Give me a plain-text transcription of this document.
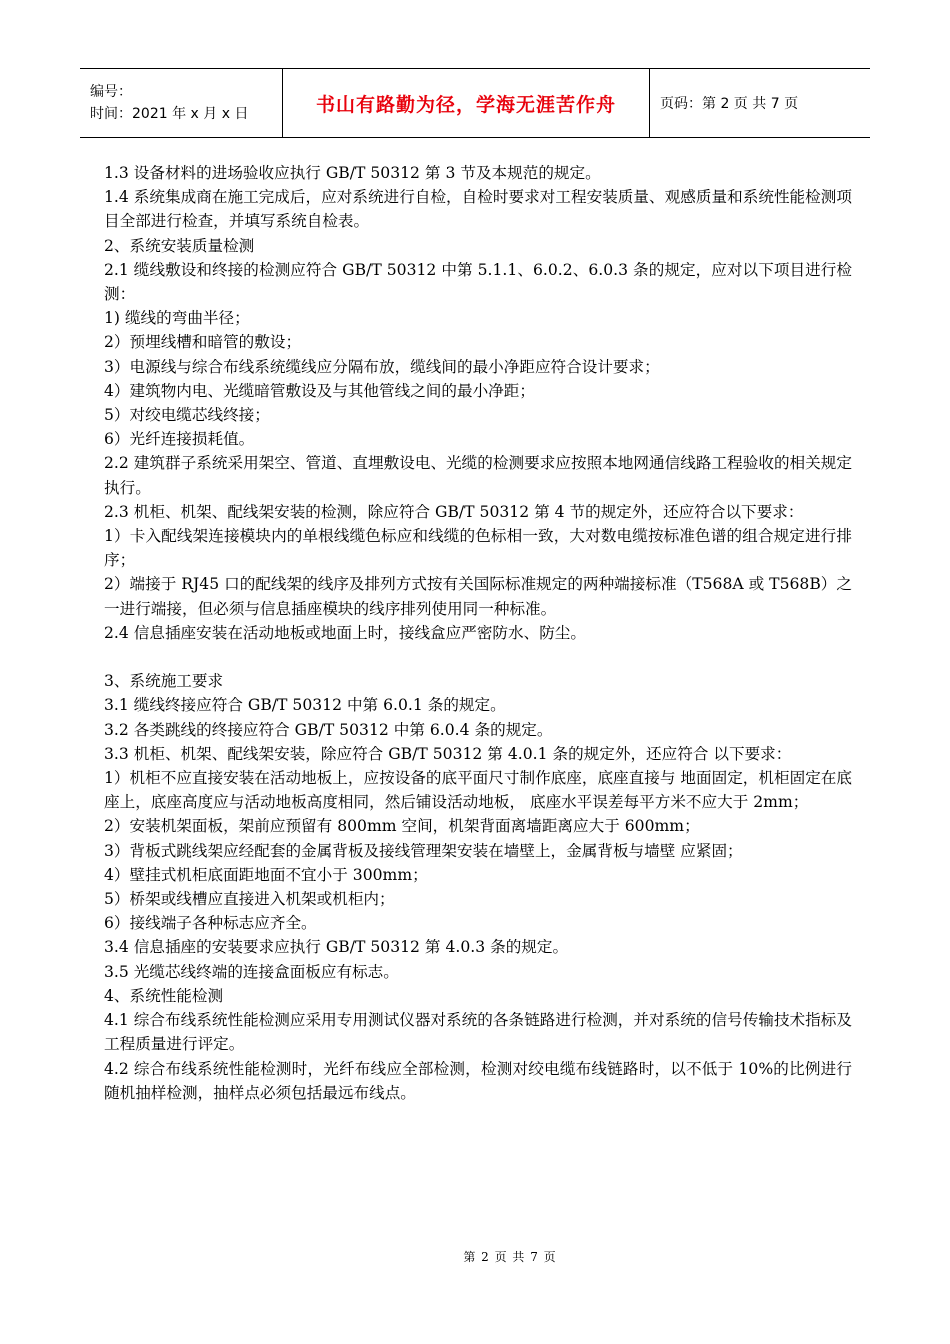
编号：
时间：2021 年 x 月 x 日	书山有路勤为径，学海无涯苦作舟	页码：第 2 页 共 7 页

1.3 设备材料的进场验收应执行 GB/T 50312 第 3 节及本规范的规定。

1.4 系统集成商在施工完成后，应对系统进行自检，自检时要求对工程安装质量、观感质量和系统性能检测项目全部进行检查，并填写系统自检表。

2、系统安装质量检测

2.1 缆线敷设和终接的检测应符合 GB/T 50312 中第 5.1.1、6.0.2、6.0.3 条的规定，应对以下项目进行检测：

1) 缆线的弯曲半径；

2）预埋线槽和暗管的敷设；

3）电源线与综合布线系统缆线应分隔布放，缆线间的最小净距应符合设计要求；

4）建筑物内电、光缆暗管敷设及与其他管线之间的最小净距；

5）对绞电缆芯线终接；

6）光纤连接损耗值。

2.2 建筑群子系统采用架空、管道、直埋敷设电、光缆的检测要求应按照本地网通信线路工程验收的相关规定执行。

2.3 机柜、机架、配线架安装的检测，除应符合 GB/T 50312 第 4 节的规定外，还应符合以下要求：

1）卡入配线架连接模块内的单根线缆色标应和线缆的色标相一致，大对数电缆按标准色谱的组合规定进行排序；

2）端接于 RJ45 口的配线架的线序及排列方式按有关国际标准规定的两种端接标准（T568A 或 T568B）之一进行端接，但必须与信息插座模块的线序排列使用同一种标准。

2.4 信息插座安装在活动地板或地面上时，接线盒应严密防水、防尘。

3、系统施工要求

3.1 缆线终接应符合 GB/T 50312 中第 6.0.1 条的规定。

3.2 各类跳线的终接应符合 GB/T 50312 中第 6.0.4 条的规定。

3.3 机柜、机架、配线架安装，除应符合 GB/T 50312 第 4.0.1 条的规定外，还应符合 以下要求：

1）机柜不应直接安装在活动地板上，应按设备的底平面尺寸制作底座，底座直接与 地面固定，机柜固定在底座上，底座高度应与活动地板高度相同，然后铺设活动地板， 底座水平误差每平方米不应大于 2mm；

2）安装机架面板，架前应预留有 800mm 空间，机架背面离墙距离应大于 600mm；

3）背板式跳线架应经配套的金属背板及接线管理架安装在墙壁上，金属背板与墙壁 应紧固；

4）壁挂式机柜底面距地面不宜小于 300mm；

5）桥架或线槽应直接进入机架或机柜内；

6）接线端子各种标志应齐全。

3.4 信息插座的安装要求应执行 GB/T 50312 第 4.0.3 条的规定。

3.5 光缆芯线终端的连接盒面板应有标志。

4、系统性能检测

4.1 综合布线系统性能检测应采用专用测试仪器对系统的各条链路进行检测，并对系统的信号传输技术指标及工程质量进行评定。

4.2 综合布线系统性能检测时，光纤布线应全部检测，检测对绞电缆布线链路时，以不低于 10%的比例进行随机抽样检测，抽样点必须包括最远布线点。

第 2 页 共 7 页
